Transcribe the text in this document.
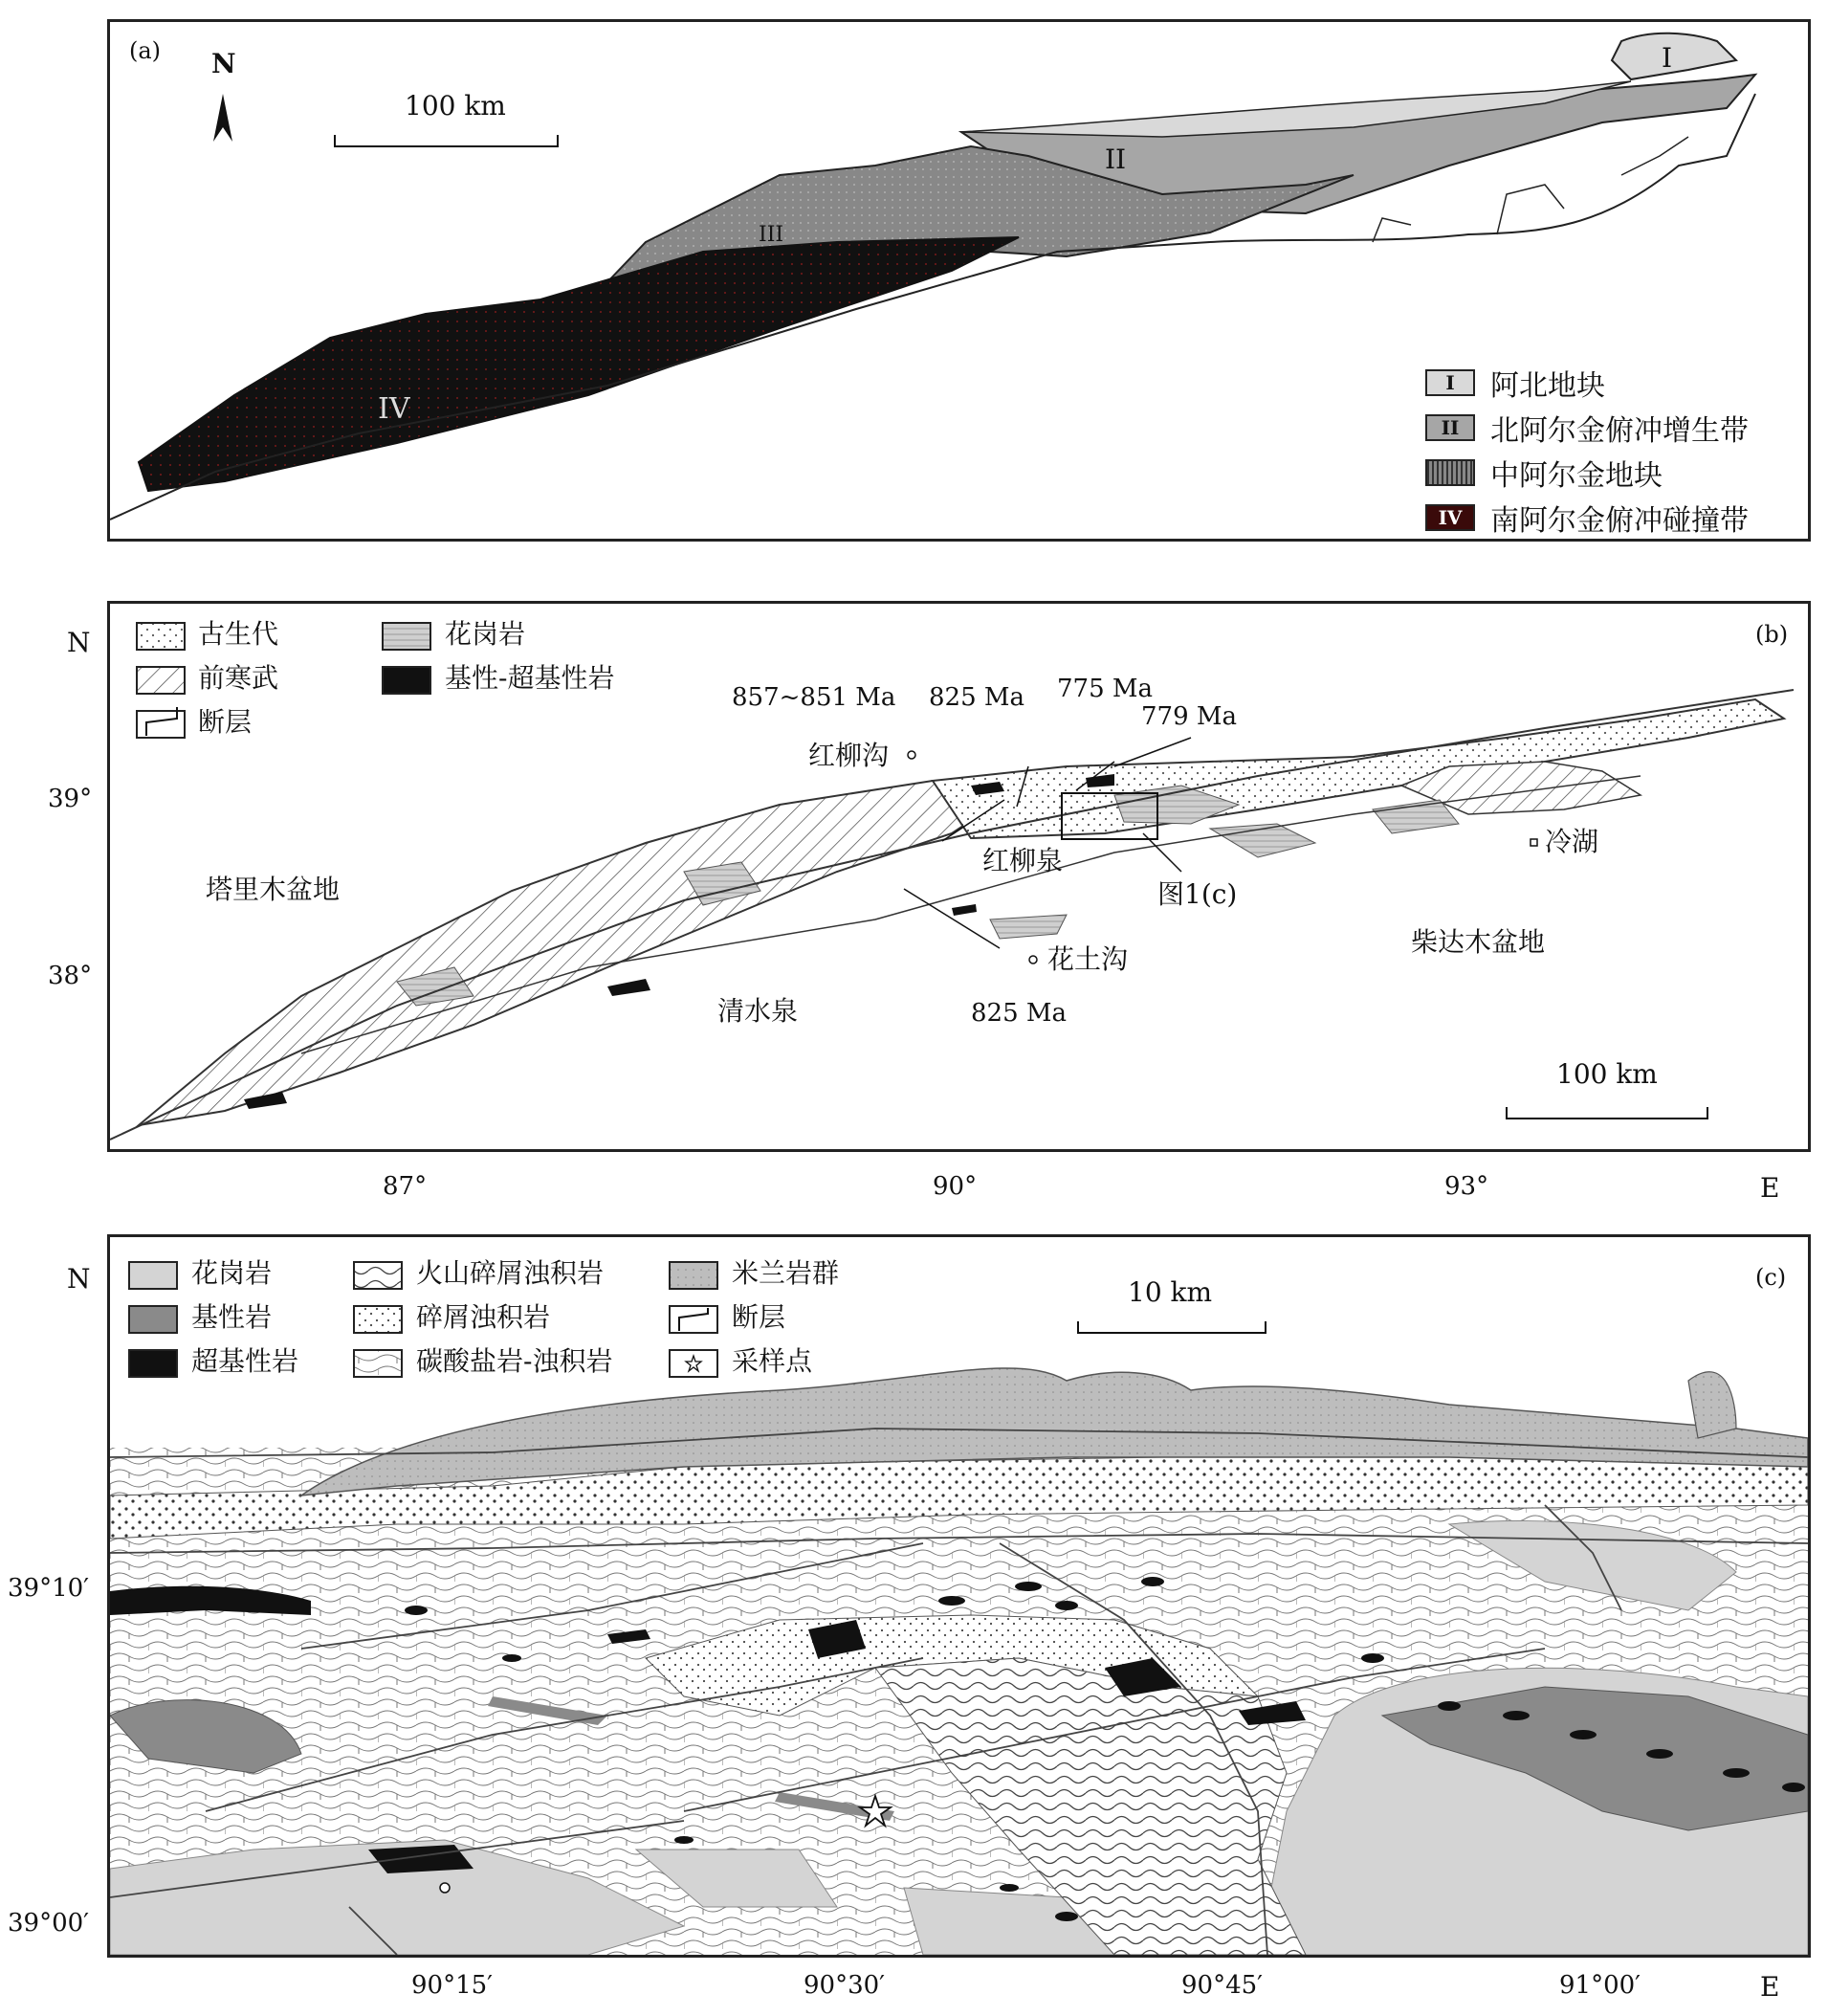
(a) N
100 km
I
II
III
IV
I	阿北地块
II	北阿尔金俯冲增生带
中阿尔金地块
IV 南阿尔金俯冲碰撞带
N
39°
38°
87°	90°	93°	E
古生代	花岗岩
前寒武	基性-超基性岩
断层
(b)
塔里木盆地
柴达木盆地
红柳沟
红柳泉
冷湖
花土沟
清水泉
图1(c)
857~851 Ma 825 Ma 775 Ma
779 Ma
825 Ma
100 km
N
39°10′
39°00′
90°15′	90°30′	90°45′	91°00′	E
花岗岩	火山碎屑浊积岩	米兰岩群
基性岩	碎屑浊积岩	断层
超基性岩	碳酸盐岩-浊积岩	采样点
(c)
10 km
